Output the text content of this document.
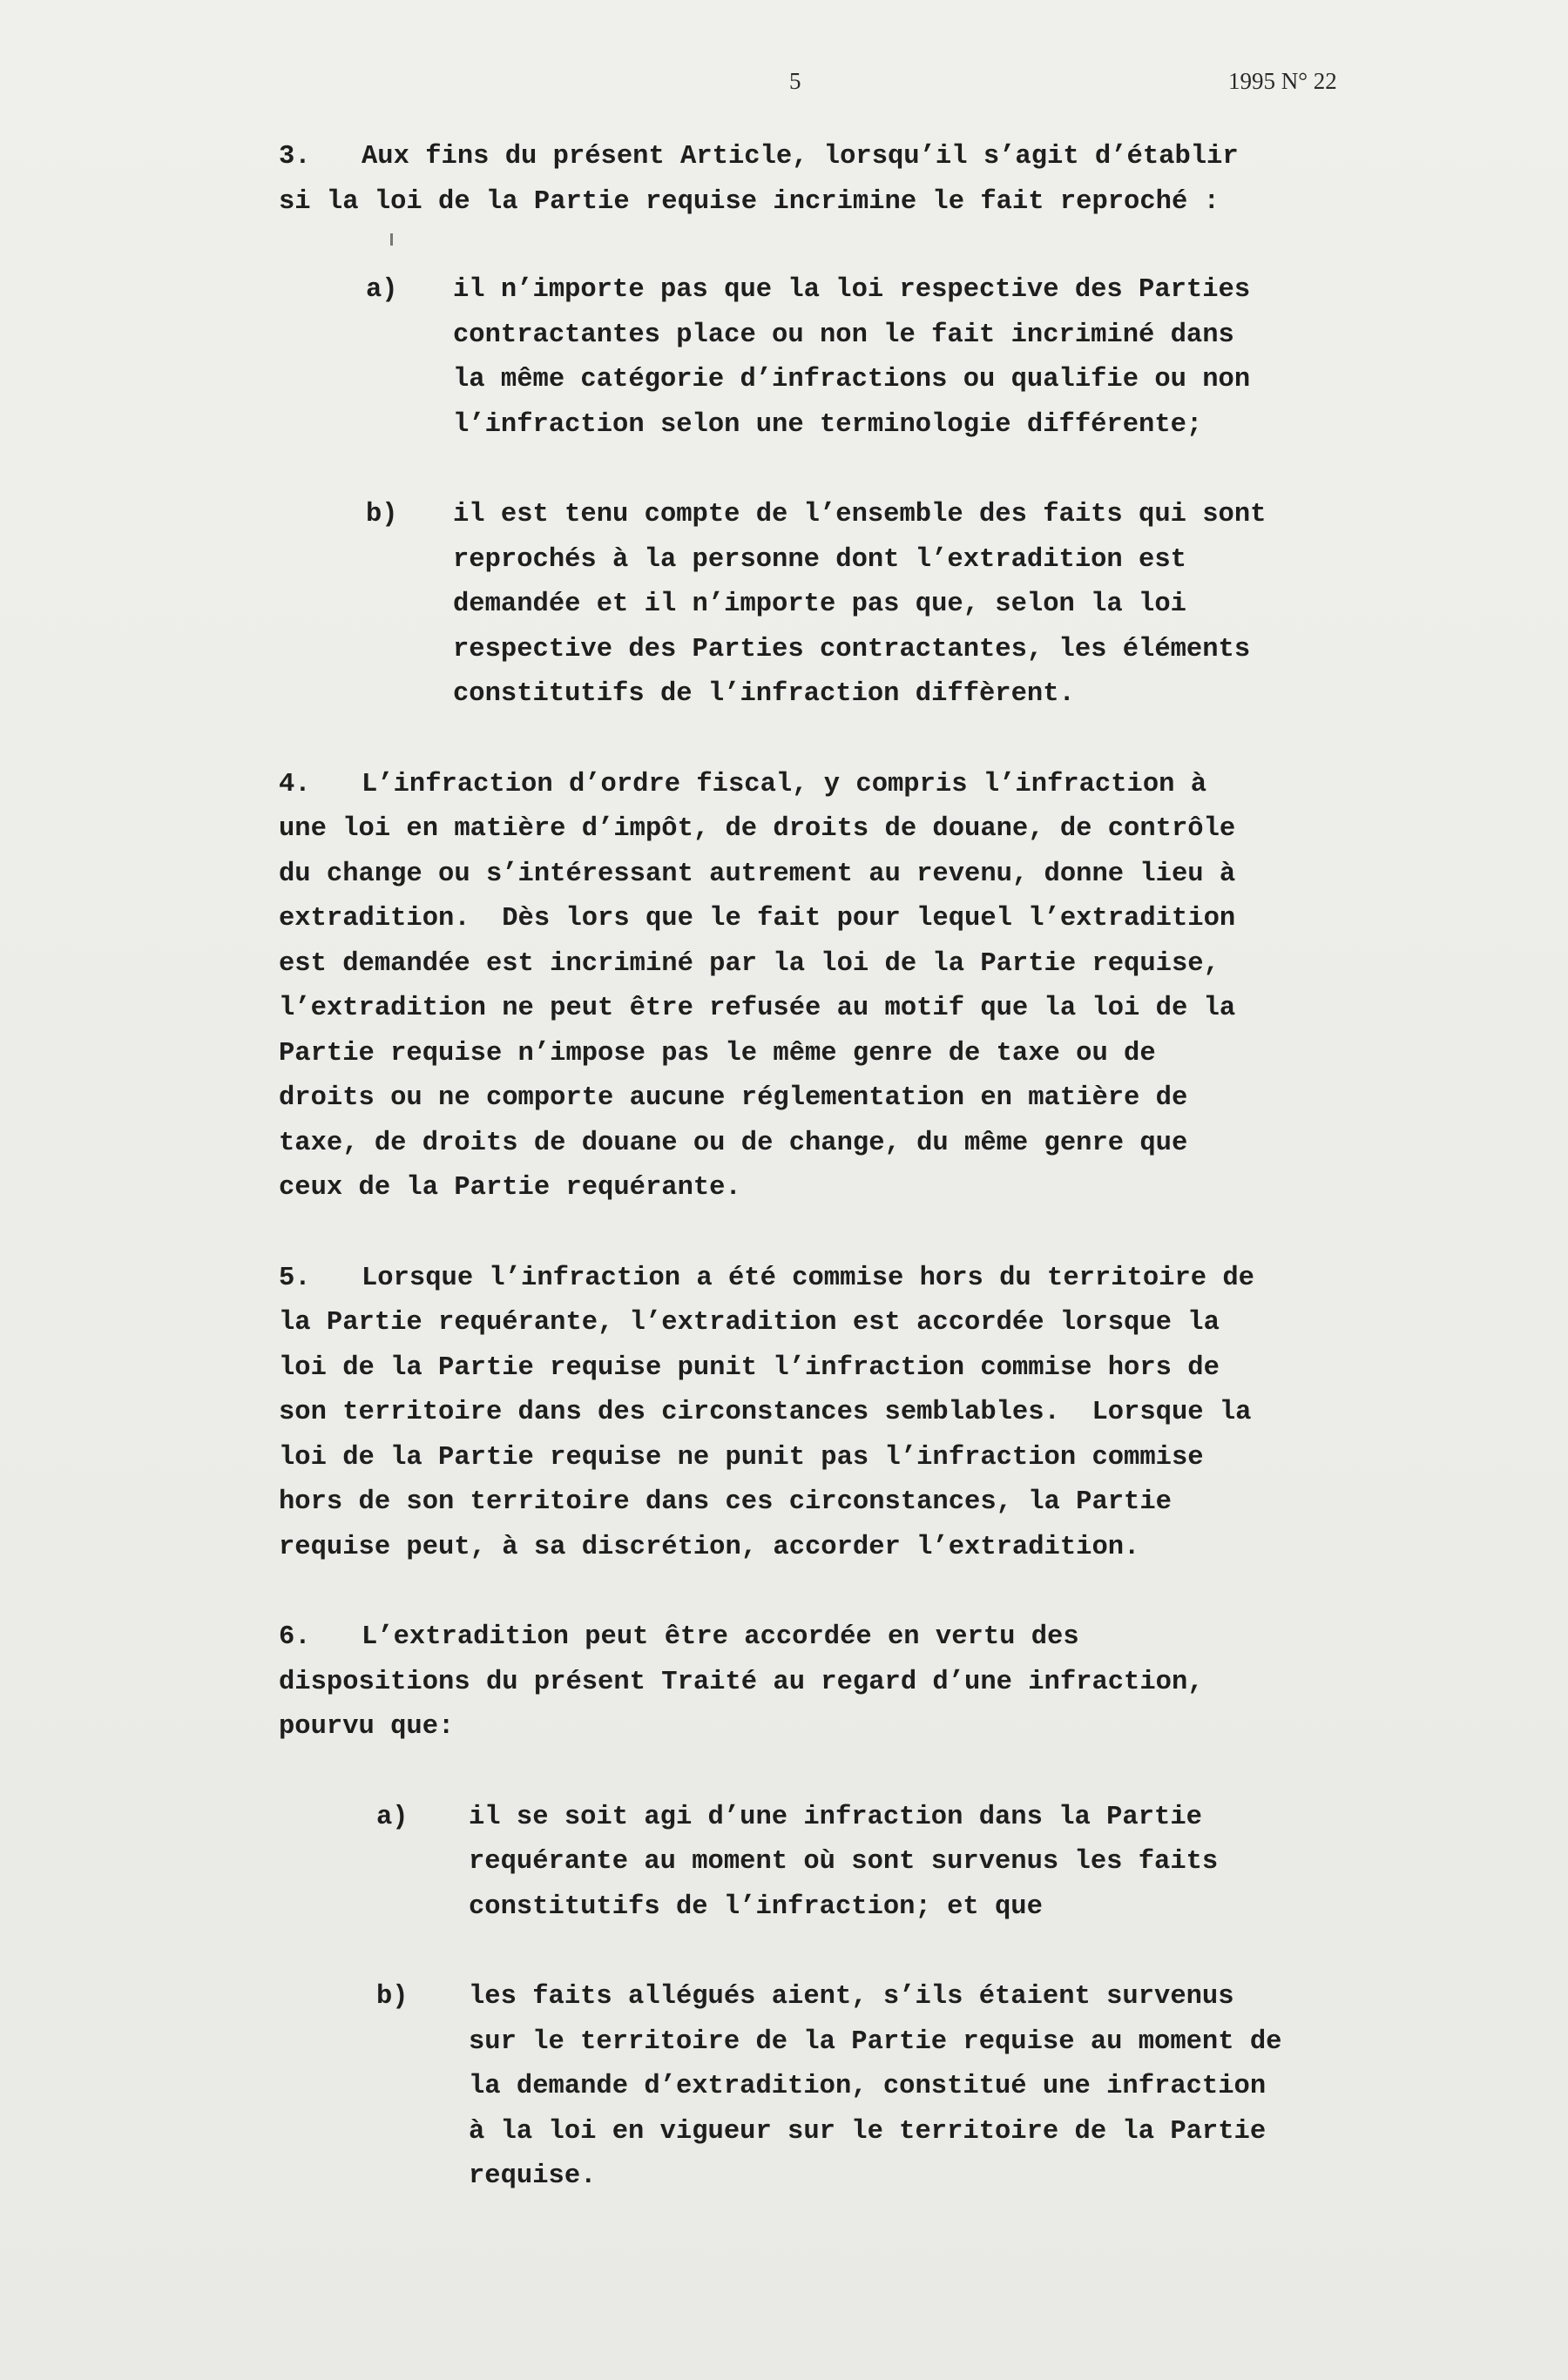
5	1995 N° 22
3. Aux fins du présent Article, lorsqu’il s’agit d’établir
si la loi de la Partie requise incrimine le fait reproché :
a) il n’importe pas que la loi respective des Parties
contractantes place ou non le fait incriminé dans
la même catégorie d’infractions ou qualifie ou non
l’infraction selon une terminologie différente;
b) il est tenu compte de l’ensemble des faits qui sont
reprochés à la personne dont l’extradition est
demandée et il n’importe pas que, selon la loi
respective des Parties contractantes, les éléments
constitutifs de l’infraction diffèrent.
4. L’infraction d’ordre fiscal, y compris l’infraction à
une loi en matière d’impôt, de droits de douane, de contrôle
du change ou s’intéressant autrement au revenu, donne lieu à
extradition.  Dès lors que le fait pour lequel l’extradition
est demandée est incriminé par la loi de la Partie requise,
l’extradition ne peut être refusée au motif que la loi de la
Partie requise n’impose pas le même genre de taxe ou de
droits ou ne comporte aucune réglementation en matière de
taxe, de droits de douane ou de change, du même genre que
ceux de la Partie requérante.
5. Lorsque l’infraction a été commise hors du territoire de
la Partie requérante, l’extradition est accordée lorsque la
loi de la Partie requise punit l’infraction commise hors de
son territoire dans des circonstances semblables.  Lorsque la
loi de la Partie requise ne punit pas l’infraction commise
hors de son territoire dans ces circonstances, la Partie
requise peut, à sa discrétion, accorder l’extradition.
6. L’extradition peut être accordée en vertu des
dispositions du présent Traité au regard d’une infraction,
pourvu que:
a) il se soit agi d’une infraction dans la Partie
requérante au moment où sont survenus les faits
constitutifs de l’infraction; et que
b) les faits allégués aient, s’ils étaient survenus
sur le territoire de la Partie requise au moment de
la demande d’extradition, constitué une infraction
à la loi en vigueur sur le territoire de la Partie
requise.
